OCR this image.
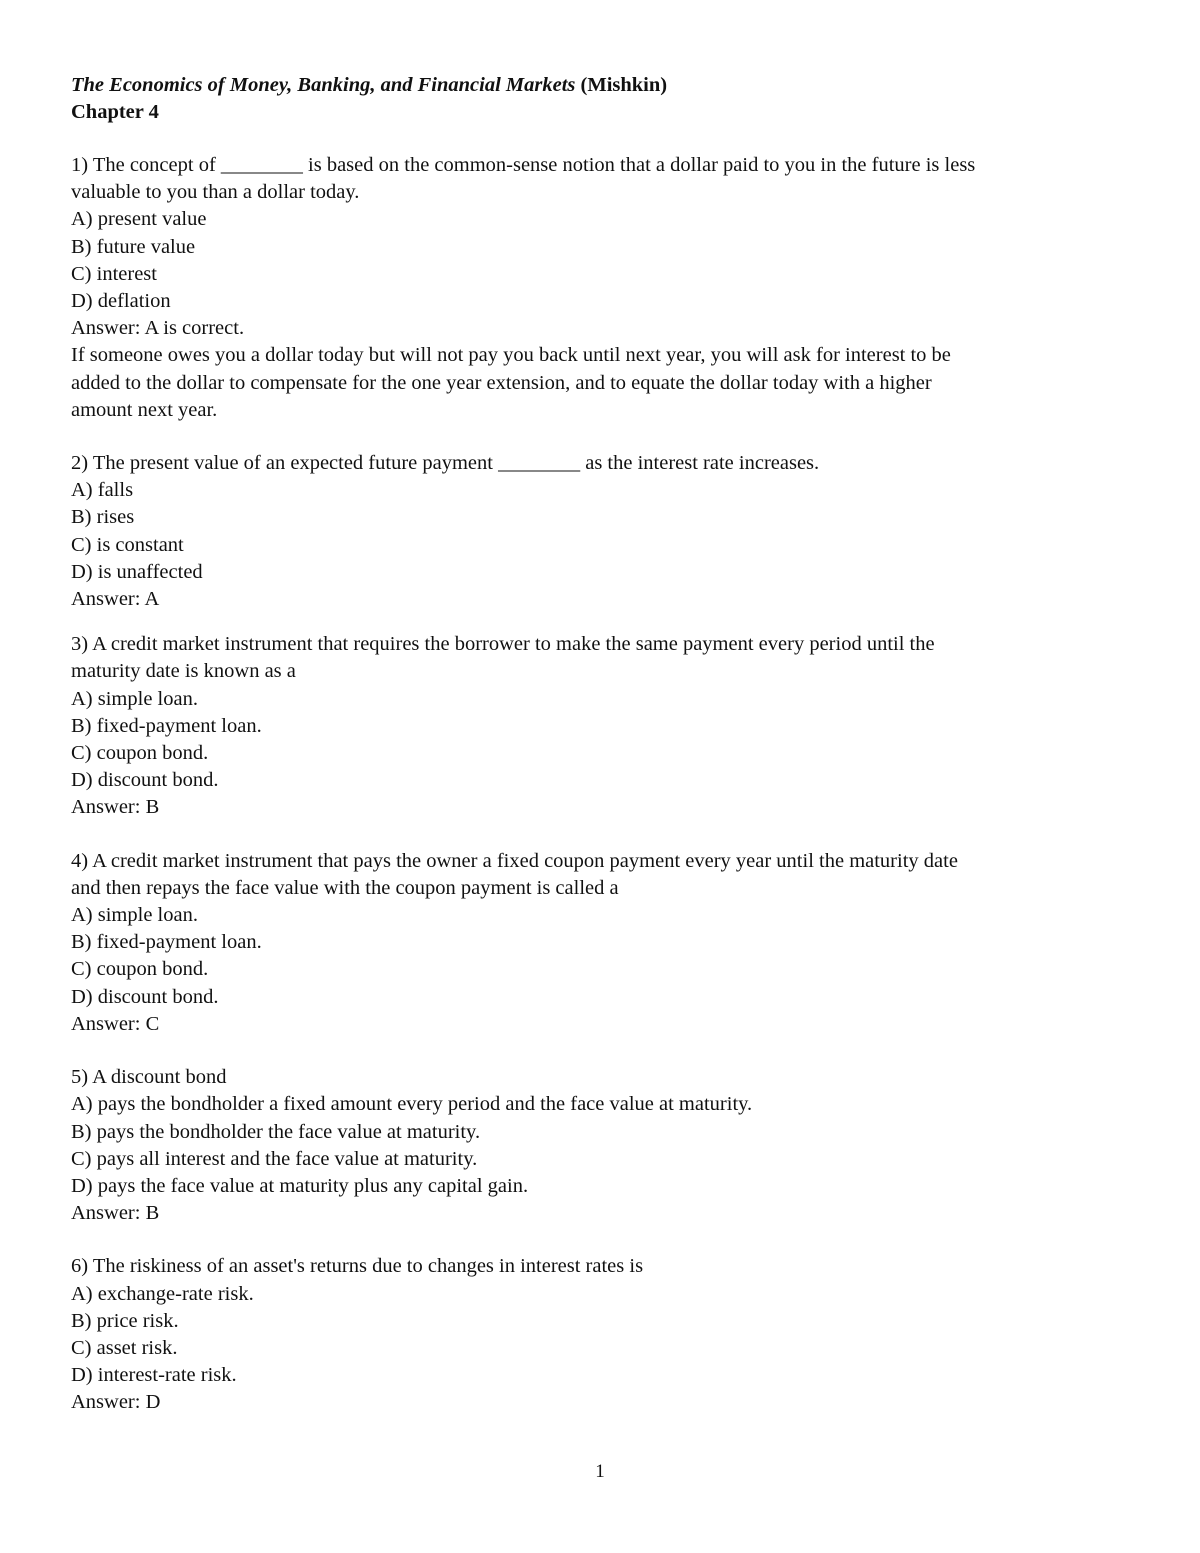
The Economics of Money, Banking, and Financial Markets (Mishkin)
Chapter 4
1) The concept of ________ is based on the common-sense notion that a dollar paid to you in the future is less
valuable to you than a dollar today.
A) present value
B) future value
C) interest
D) deflation
Answer: A is correct.
If someone owes you a dollar today but will not pay you back until next year, you will ask for interest to be
added to the dollar to compensate for the one year extension, and to equate the dollar today with a higher
amount next year.
2) The present value of an expected future payment ________ as the interest rate increases.
A) falls
B) rises
C) is constant
D) is unaffected
Answer: A
3) A credit market instrument that requires the borrower to make the same payment every period until the
maturity date is known as a
A) simple loan.
B) fixed-payment loan.
C) coupon bond.
D) discount bond.
Answer: B
4) A credit market instrument that pays the owner a fixed coupon payment every year until the maturity date
and then repays the face value with the coupon payment is called a
A) simple loan.
B) fixed-payment loan.
C) coupon bond.
D) discount bond.
Answer: C
5) A discount bond
A) pays the bondholder a fixed amount every period and the face value at maturity.
B) pays the bondholder the face value at maturity.
C) pays all interest and the face value at maturity.
D) pays the face value at maturity plus any capital gain.
Answer: B
6) The riskiness of an asset's returns due to changes in interest rates is
A) exchange-rate risk.
B) price risk.
C) asset risk.
D) interest-rate risk.
Answer: D
1
